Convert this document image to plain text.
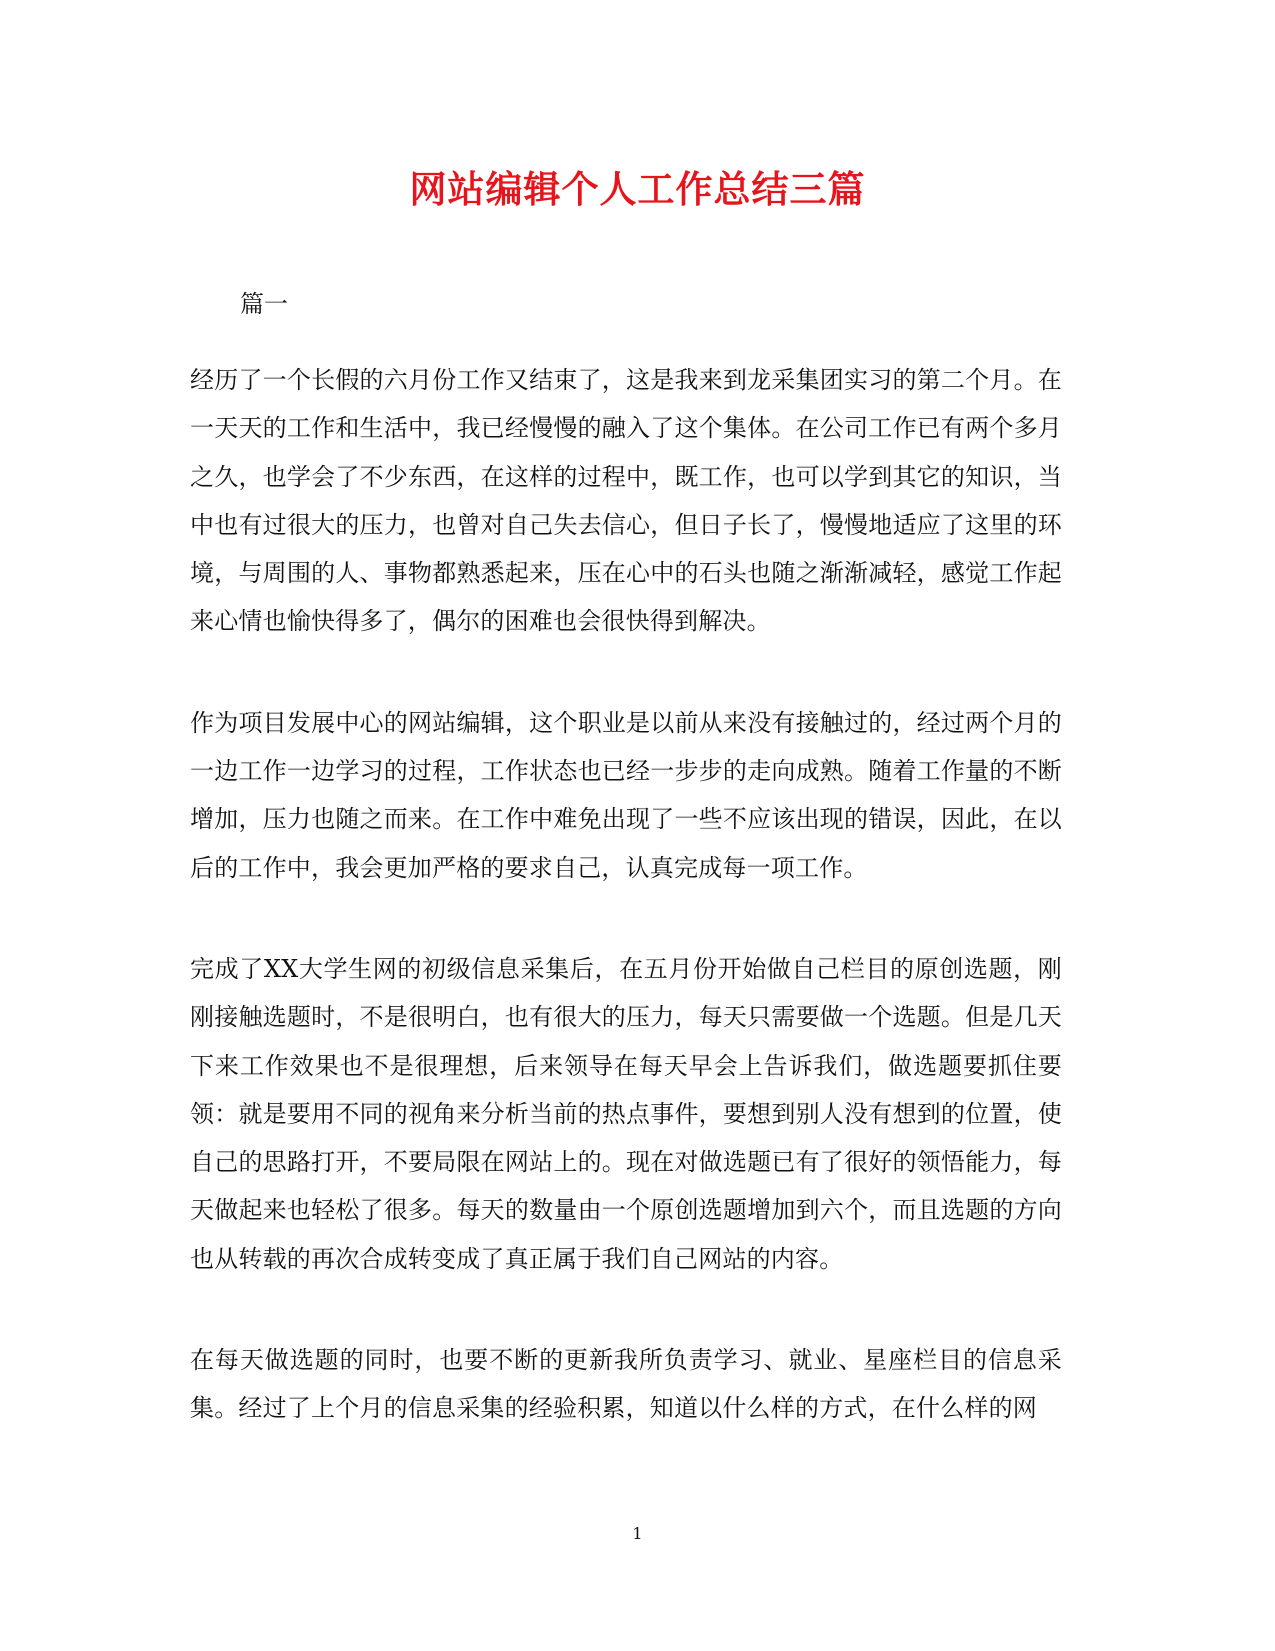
网站编辑个人工作总结三篇

篇一

经历了一个长假的六月份工作又结束了，这是我来到龙采集团实习的第二个月。在一天天的工作和生活中，我已经慢慢的融入了这个集体。在公司工作已有两个多月之久，也学会了不少东西，在这样的过程中，既工作，也可以学到其它的知识，当中也有过很大的压力，也曾对自己失去信心，但日子长了，慢慢地适应了这里的环境，与周围的人、事物都熟悉起来，压在心中的石头也随之渐渐减轻，感觉工作起来心情也愉快得多了，偶尔的困难也会很快得到解决。

作为项目发展中心的网站编辑，这个职业是以前从来没有接触过的，经过两个月的一边工作一边学习的过程，工作状态也已经一步步的走向成熟。随着工作量的不断增加，压力也随之而来。在工作中难免出现了一些不应该出现的错误，因此，在以后的工作中，我会更加严格的要求自己，认真完成每一项工作。

完成了XX大学生网的初级信息采集后，在五月份开始做自己栏目的原创选题，刚刚接触选题时，不是很明白，也有很大的压力，每天只需要做一个选题。但是几天下来工作效果也不是很理想，后来领导在每天早会上告诉我们，做选题要抓住要领：就是要用不同的视角来分析当前的热点事件，要想到别人没有想到的位置，使自己的思路打开，不要局限在网站上的。现在对做选题已有了很好的领悟能力，每天做起来也轻松了很多。每天的数量由一个原创选题增加到六个，而且选题的方向也从转载的再次合成转变成了真正属于我们自己网站的内容。

在每天做选题的同时，也要不断的更新我所负责学习、就业、星座栏目的信息采集。经过了上个月的信息采集的经验积累，知道以什么样的方式，在什么样的网

1
